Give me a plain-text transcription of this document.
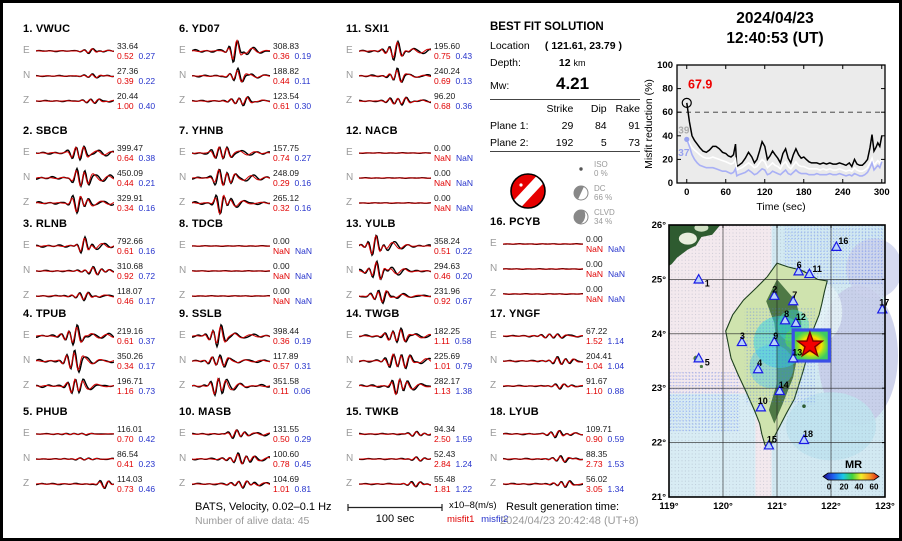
1. VWUC
E	33.64
0.52 0.27
N	27.36
0.39 0.22
Z	20.44
1.00 0.40
2. SBCB
E	399.47
0.64 0.38
N	450.09
0.44 0.21
Z	329.91
0.34 0.16
3. RLNB
E	792.66
0.61 0.16
N	310.68
0.92 0.72
Z	118.07
0.46 0.17
4. TPUB
E	219.16
0.61 0.37
N	350.26
0.34 0.17
Z	196.71
1.16 0.73
5. PHUB
E	116.01
0.70 0.42
N	86.54
0.41 0.23
Z	114.03
0.73 0.46
6. YD07
E	308.83
0.36 0.19
N	188.82
0.44 0.11
Z	123.54
0.61 0.30
7. YHNB
E	157.75
0.74 0.27
N	248.09
0.29 0.16
Z	265.12
0.32 0.16
8. TDCB
E	0.00
NaN NaN
N	0.00
NaN NaN
Z	0.00
NaN NaN
9. SSLB
E	398.44
0.36 0.19
N	117.89
0.57 0.31
Z	351.58
0.11 0.06
10. MASB
E	131.55
0.50 0.29
N	100.60
0.78 0.45
Z	104.69
1.01 0.81
11. SXI1
E	195.60
0.75 0.43
N	240.24
0.69 0.13
Z	96.20
0.68 0.36
12. NACB
E	0.00
NaN NaN
N	0.00
NaN NaN
Z	0.00
NaN NaN
13. YULB
E	358.24
0.51 0.22
N	294.63
0.46 0.20
Z	231.96
0.92 0.67
14. TWGB
E	182.25
1.11 0.58
N	225.69
1.01 0.79
Z	282.17
1.13 1.38
15. TWKB
E	94.34
2.50 1.59
N	52.43
2.84 1.24
Z	55.48
1.81 1.22
16. PCYB
E	0.00
NaN NaN
N	0.00
NaN NaN
Z	0.00
NaN NaN
17. YNGF
E	67.22
1.52 1.14
N	204.41
1.04 1.04
Z	91.67
1.10 0.88
18. LYUB
E	109.71
0.90 0.59
N	88.35
2.73 1.53
Z	56.02
3.05 1.34
BEST FIT SOLUTION
Location ( 121.61, 23.79 )
Depth:	12 km
Mw:	4.21
	Strike	Dip	Rake
Plane 1:	29	84	91
Plane 2:	192	5	73
ISO
0 %
DC
66 %
CLVD
34 %
2024/04/23
12:40:53 (UT)
67.9
39
37
0
20
40
60
80
100
0	60	120 180 240 300
Time (sec)
Misfit reduction (%)
1
2
3
4
5
6
7
8
9
10
11
12
13
14
15
16
17
18
119°	120°	121°	122°	123°
21°
22°
23°
24°
25°
26°
MR
0 20 40 60
BATS, Velocity, 0.02–0.1 Hz
Number of alive data: 45	100 sec
x10–8(m/s)
misfit1 misfit2
Result generation time:
2024/04/23 20:42:48 (UT+8)
